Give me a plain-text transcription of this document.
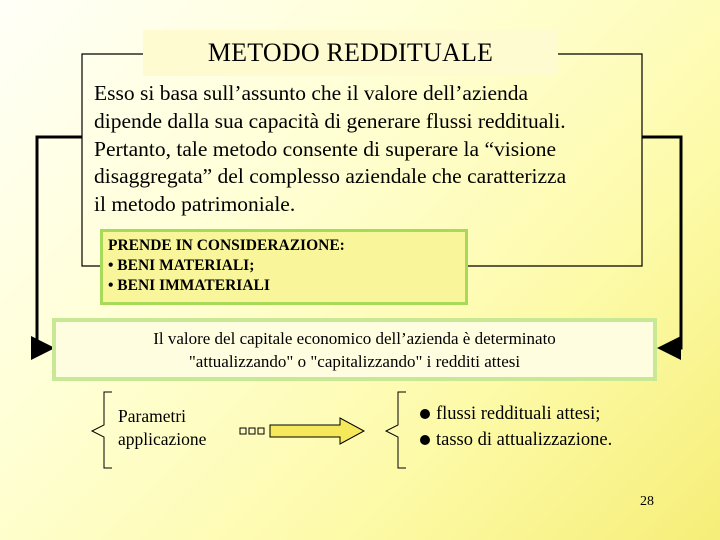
METODO REDDITUALE
Esso si basa sull’assunto che il valore dell’azienda
dipende dalla sua capacità di generare flussi reddituali.
Pertanto, tale metodo consente di superare la “visione
disaggregata” del complesso aziendale che caratterizza
il metodo patrimoniale.
PRENDE IN CONSIDERAZIONE:
• BENI MATERIALI;
• BENI IMMATERIALI
Il valore del capitale economico dell’azienda è determinato
"attualizzando" o "capitalizzando" i redditi attesi
Parametri
applicazione
flussi reddituali attesi;
tasso di attualizzazione.
28
